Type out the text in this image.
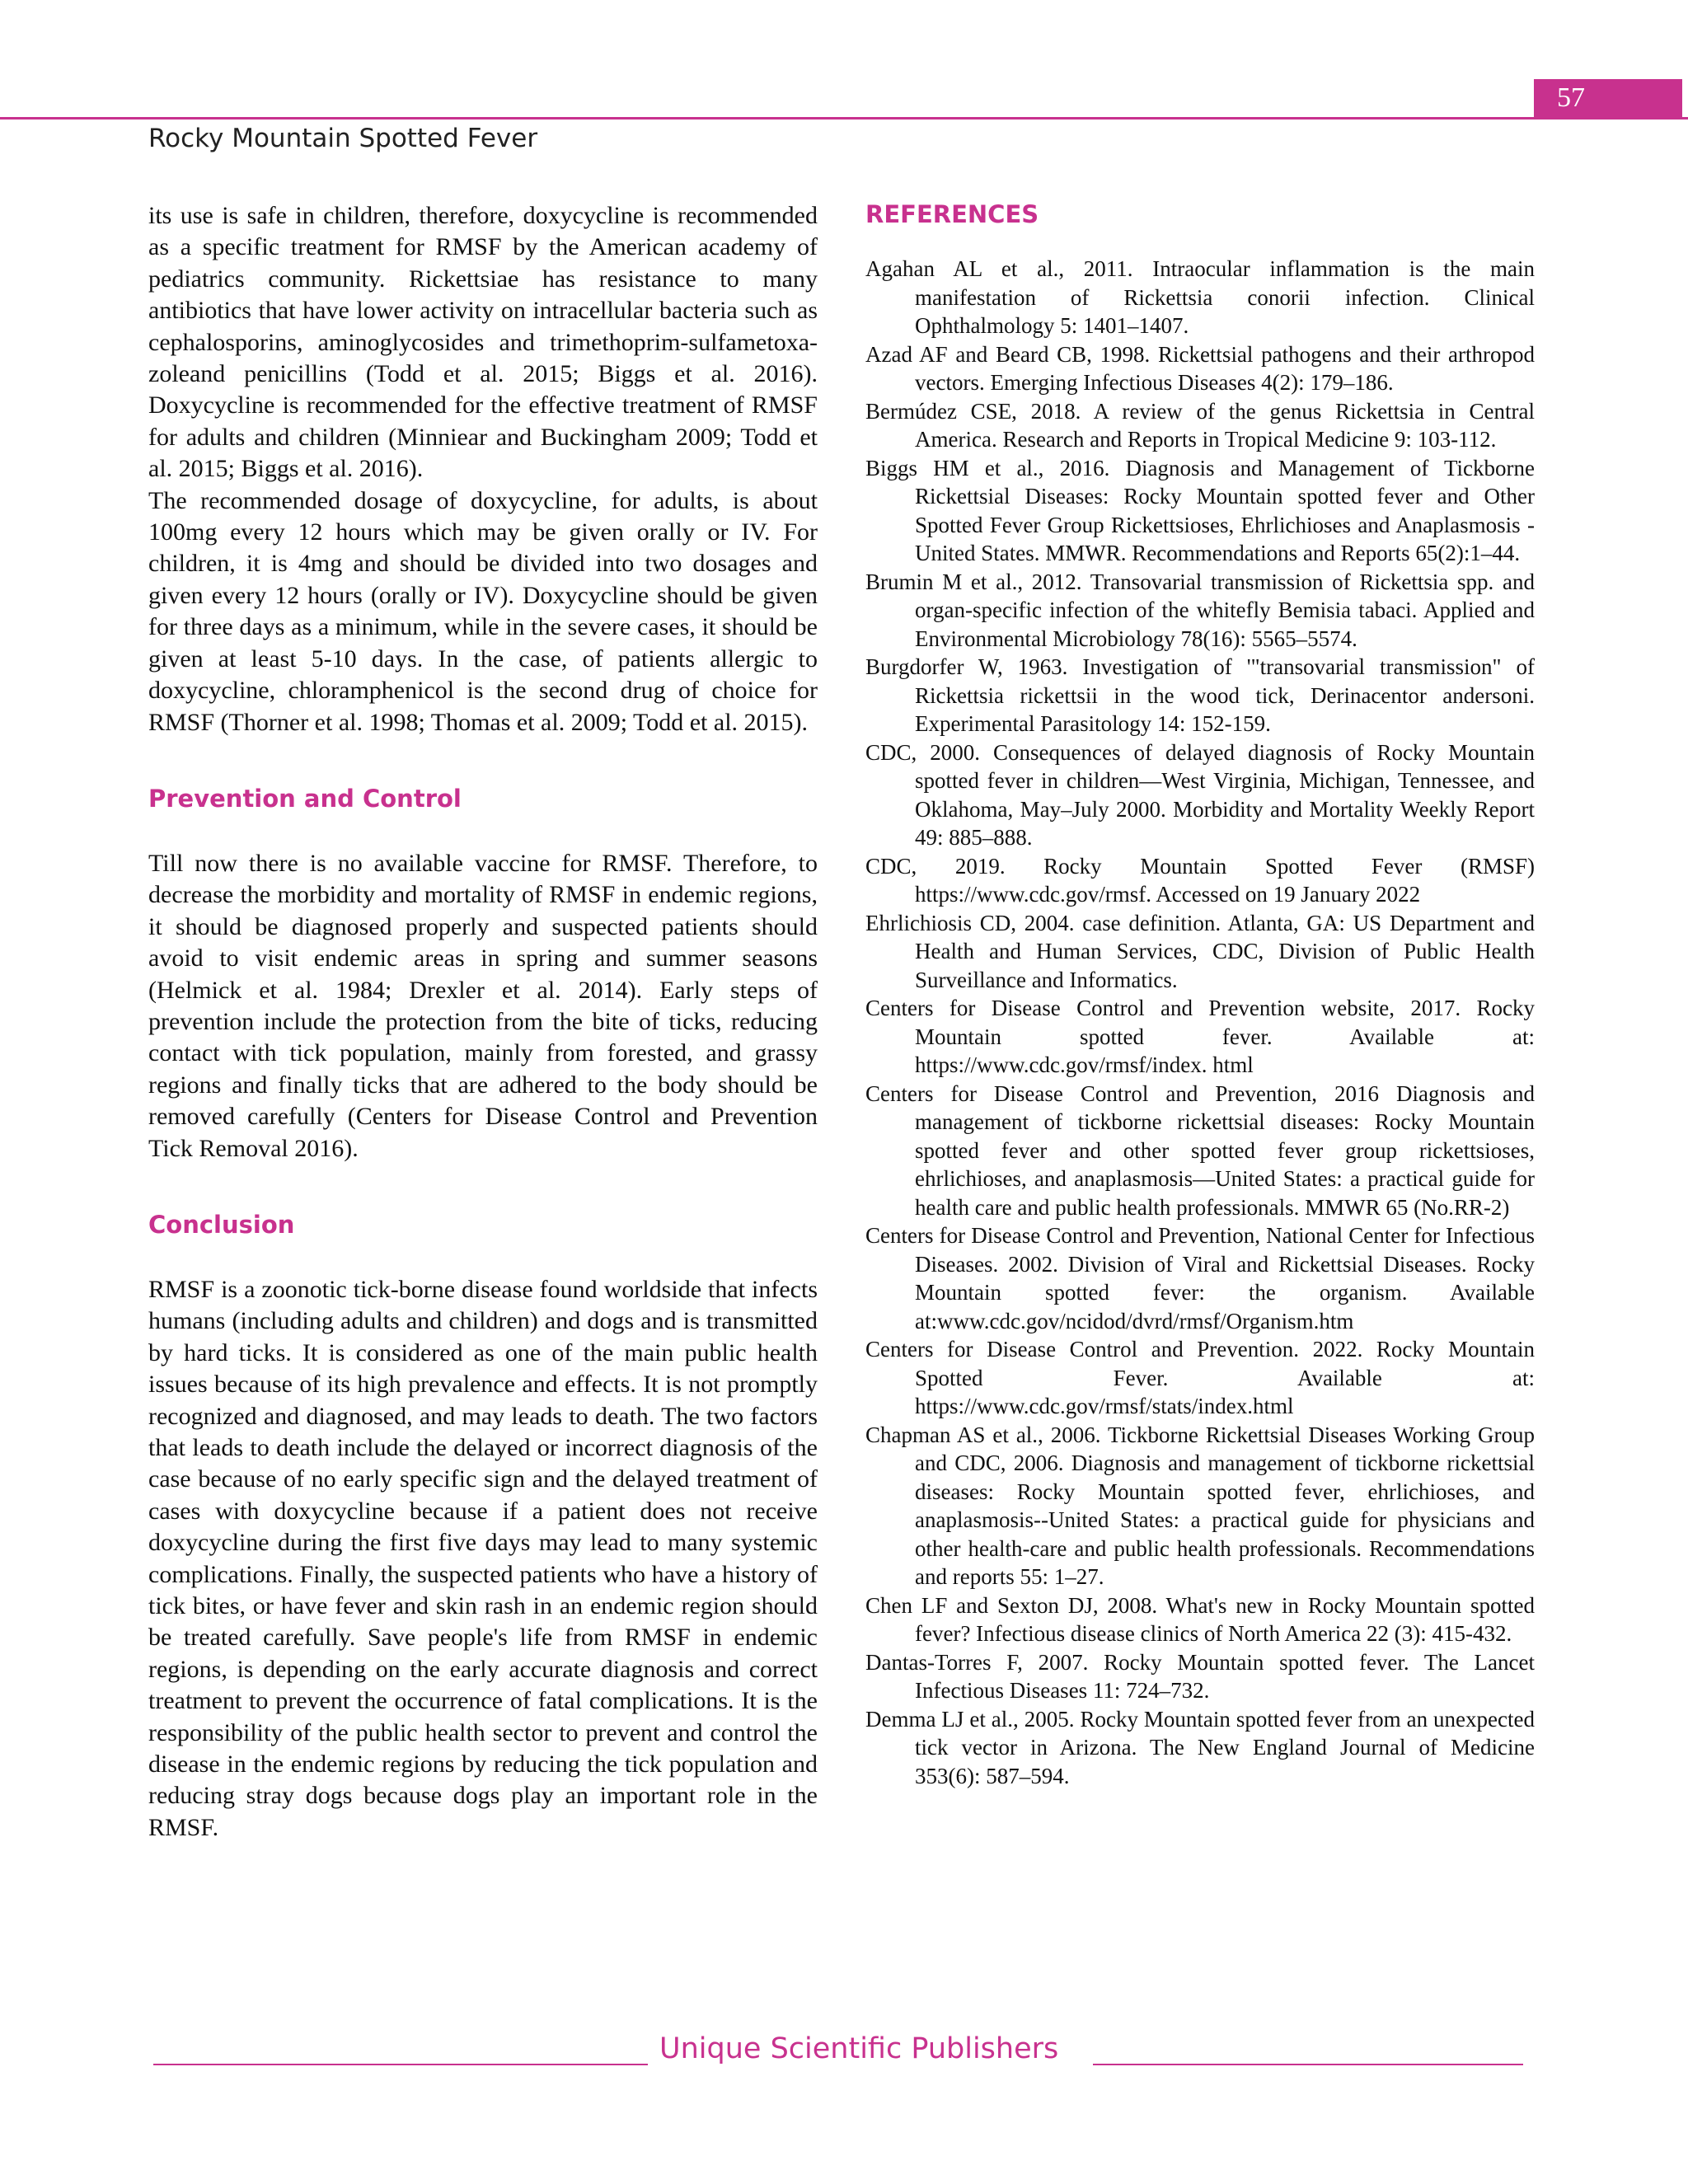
57
Rocky Mountain Spotted Fever

its use is safe in children, therefore, doxycycline is recommended as a specific treatment for RMSF by the American academy of pediatrics community. Rickettsiae has resistance to many antibiotics that have lower activity on intracellular bacteria such as cephalosporins, aminoglycosides and trimethoprim-sulfametoxa- zoleand penicillins (Todd et al. 2015; Biggs et al. 2016). Doxycycline is recommended for the effective treatment of RMSF for adults and children (Minniear and Buckingham 2009; Todd et al. 2015; Biggs et al. 2016).

The recommended dosage of doxycycline, for adults, is about 100mg every 12 hours which may be given orally or IV. For children, it is 4mg and should be divided into two dosages and given every 12 hours (orally or IV). Doxycycline should be given for three days as a minimum, while in the severe cases, it should be given at least 5-10 days. In the case, of patients allergic to doxycycline, chloramphenicol is the second drug of choice for RMSF (Thorner et al. 1998; Thomas et al. 2009; Todd et al. 2015).

Prevention and Control

Till now there is no available vaccine for RMSF. Therefore, to decrease the morbidity and mortality of RMSF in endemic regions, it should be diagnosed properly and suspected patients should avoid to visit endemic areas in spring and summer seasons (Helmick et al. 1984; Drexler et al. 2014). Early steps of prevention include the protection from the bite of ticks, reducing contact with tick population, mainly from forested, and grassy regions and finally ticks that are adhered to the body should be removed carefully (Centers for Disease Control and Prevention Tick Removal 2016).

Conclusion

RMSF is a zoonotic tick-borne disease found worldside that infects humans (including adults and children) and dogs and is transmitted by hard ticks. It is considered as one of the main public health issues because of its high prevalence and effects. It is not promptly recognized and diagnosed, and may leads to death. The two factors that leads to death include the delayed or incorrect diagnosis of the case because of no early specific sign and the delayed treatment of cases with doxycycline because if a patient does not receive doxycycline during the first five days may lead to many systemic complications. Finally, the suspected patients who have a history of tick bites, or have fever and skin rash in an endemic region should be treated carefully. Save people's life from RMSF in endemic regions, is depending on the early accurate diagnosis and correct treatment to prevent the occurrence of fatal complications. It is the responsibility of the public health sector to prevent and control the disease in the endemic regions by reducing the tick population and reducing stray dogs because dogs play an important role in the RMSF.

REFERENCES

Agahan AL et al., 2011. Intraocular inflammation is the main manifestation of Rickettsia conorii infection. Clinical Ophthalmology 5: 1401–1407.

Azad AF and Beard CB, 1998. Rickettsial pathogens and their arthropod vectors. Emerging Infectious Diseases 4(2): 179–186.

Bermúdez CSE, 2018. A review of the genus Rickettsia in Central America. Research and Reports in Tropical Medicine 9: 103-112.

Biggs HM et al., 2016. Diagnosis and Management of Tickborne Rickettsial Diseases: Rocky Mountain spotted fever and Other Spotted Fever Group Rickettsioses, Ehrlichioses and Anaplasmosis - United States. MMWR. Recommendations and Reports 65(2):1–44.

Brumin M et al., 2012. Transovarial transmission of Rickettsia spp. and organ-specific infection of the whitefly Bemisia tabaci. Applied and Environmental Microbiology 78(16): 5565–5574.

Burgdorfer W, 1963. Investigation of '"transovarial transmission" of Rickettsia rickettsii in the wood tick, Derinacentor andersoni. Experimental Parasitology 14: 152-159.

CDC, 2000. Consequences of delayed diagnosis of Rocky Mountain spotted fever in children—West Virginia, Michigan, Tennessee, and Oklahoma, May–July 2000. Morbidity and Mortality Weekly Report 49: 885–888.

CDC, 2019. Rocky Mountain Spotted Fever (RMSF) https://www.cdc.gov/rmsf. Accessed on 19 January 2022

Ehrlichiosis CD, 2004. case definition. Atlanta, GA: US Department and Health and Human Services, CDC, Division of Public Health Surveillance and Informatics.

Centers for Disease Control and Prevention website, 2017. Rocky Mountain spotted fever. Available at: https://www.cdc.gov/rmsf/index. html

Centers for Disease Control and Prevention, 2016 Diagnosis and management of tickborne rickettsial diseases: Rocky Mountain spotted fever and other spotted fever group rickettsioses, ehrlichioses, and anaplasmosis—United States: a practical guide for health care and public health professionals. MMWR 65 (No.RR-2)

Centers for Disease Control and Prevention, National Center for Infectious Diseases. 2002. Division of Viral and Rickettsial Diseases. Rocky Mountain spotted fever: the organism. Available at:www.cdc.gov/ncidod/dvrd/rmsf/Organism.htm

Centers for Disease Control and Prevention. 2022. Rocky Mountain Spotted Fever. Available at: https://www.cdc.gov/rmsf/stats/index.html

Chapman AS et al., 2006. Tickborne Rickettsial Diseases Working Group and CDC, 2006. Diagnosis and management of tickborne rickettsial diseases: Rocky Mountain spotted fever, ehrlichioses, and anaplasmosis--United States: a practical guide for physicians and other health-care and public health professionals. Recommendations and reports 55: 1–27.

Chen LF and Sexton DJ, 2008. What's new in Rocky Mountain spotted fever? Infectious disease clinics of North America 22 (3): 415-432.

Dantas-Torres F, 2007. Rocky Mountain spotted fever. The Lancet Infectious Diseases 11: 724–732.

Demma LJ et al., 2005. Rocky Mountain spotted fever from an unexpected tick vector in Arizona. The New England Journal of Medicine 353(6): 587–594.

Unique Scientific Publishers
